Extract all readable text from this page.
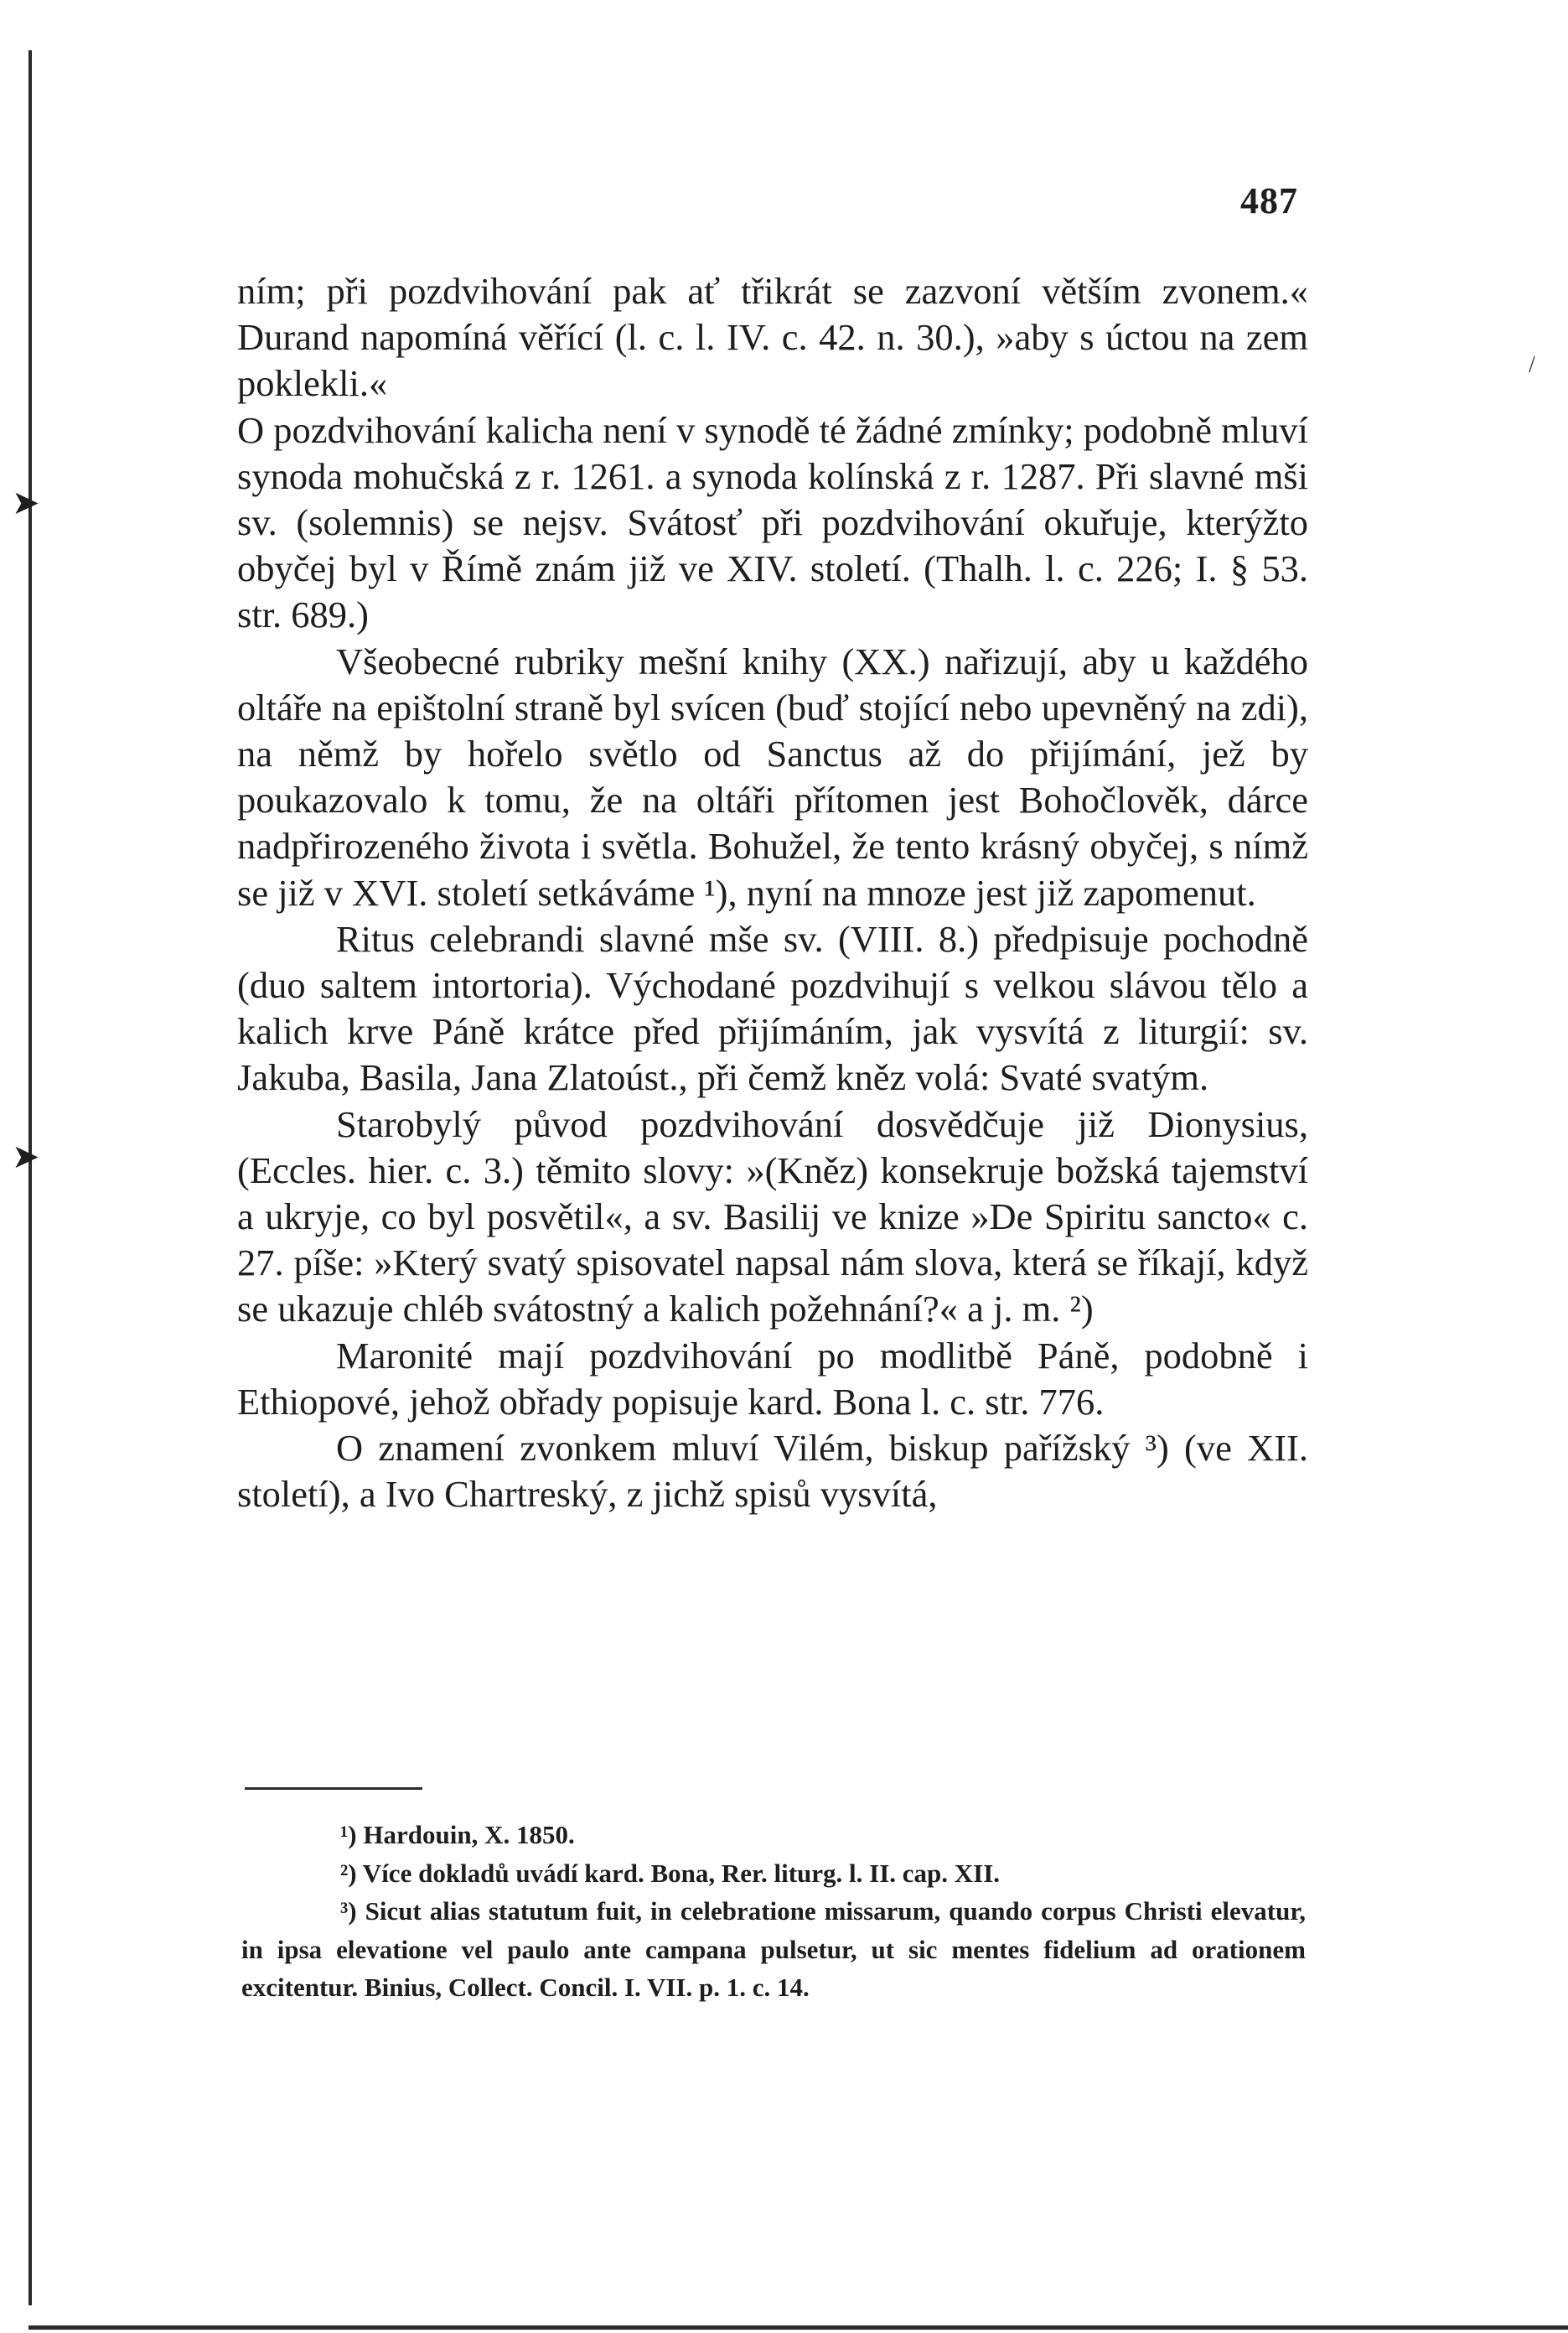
➤
➤
/
487

ním; při pozdvihování pak ať třikrát se zazvoní větším zvonem.« Durand napomíná věřící (l. c. l. IV. c. 42. n. 30.), »aby s úctou na zem poklekli.«

O pozdvihování kalicha není v synodě té žádné zmínky; podobně mluví synoda mohučská z r. 1261. a synoda kolínská z r. 1287. Při slavné mši sv. (solemnis) se nejsv. Svátosť při pozdvihování okuřuje, kterýžto obyčej byl v Římě znám již ve XIV. století. (Thalh. l. c. 226; I. § 53. str. 689.)

Všeobecné rubriky mešní knihy (XX.) nařizují, aby u každého oltáře na epištolní straně byl svícen (buď stojící nebo upevněný na zdi), na němž by hořelo světlo od Sanctus až do přijímání, jež by poukazovalo k tomu, že na oltáři přítomen jest Bohočlověk, dárce nadpřirozeného života i světla. Bohužel, že tento krásný obyčej, s nímž se již v XVI. století setkáváme ¹), nyní na mnoze jest již zapomenut.

Ritus celebrandi slavné mše sv. (VIII. 8.) předpisuje pochodně (duo saltem intortoria). Východané pozdvihují s velkou slávou tělo a kalich krve Páně krátce před přijímáním, jak vysvítá z liturgií: sv. Jakuba, Basila, Jana Zlatoúst., při čemž kněz volá: Svaté svatým.

Starobylý původ pozdvihování dosvědčuje již Dionysius, (Eccles. hier. c. 3.) těmito slovy: »(Kněz) konsekruje božská tajemství a ukryje, co byl posvětil«, a sv. Basilij ve knize »De Spiritu sancto« c. 27. píše: »Který svatý spisovatel napsal nám slova, která se říkají, když se ukazuje chléb svátostný a kalich požehnání?« a j. m. ²)

Maronité mají pozdvihování po modlitbě Páně, podobně i Ethiopové, jehož obřady popisuje kard. Bona l. c. str. 776.

O znamení zvonkem mluví Vilém, biskup pařížský ³) (ve XII. století), a Ivo Chartreský, z jichž spisů vysvítá,

¹) Hardouin, X. 1850.

²) Více dokladů uvádí kard. Bona, Rer. liturg. l. II. cap. XII.

³) Sicut alias statutum fuit, in celebratione missarum, quando corpus Christi elevatur, in ipsa elevatione vel paulo ante campana pulsetur, ut sic mentes fidelium ad orationem excitentur. Binius, Collect. Concil. I. VII. p. 1. c. 14.
